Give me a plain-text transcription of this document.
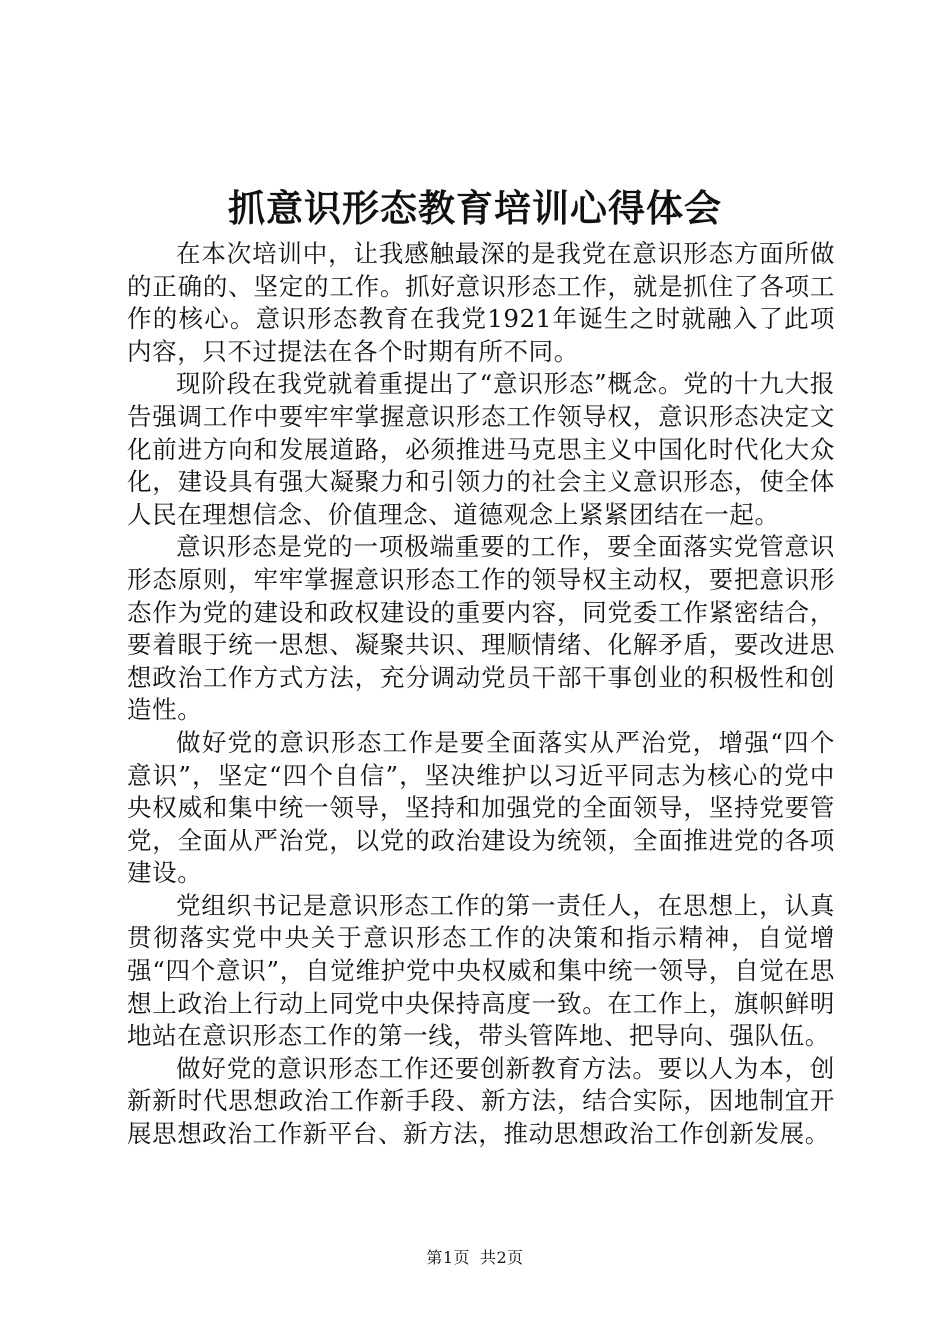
抓意识形态教育培训心得体会

在本次培训中，让我感触最深的是我党在意识形态方面所做的正确的、坚定的工作。抓好意识形态工作，就是抓住了各项工作的核心。意识形态教育在我党1921年诞生之时就融入了此项内容，只不过提法在各个时期有所不同。

现阶段在我党就着重提出了“意识形态”概念。党的十九大报告强调工作中要牢牢掌握意识形态工作领导权，意识形态决定文化前进方向和发展道路，必须推进马克思主义中国化时代化大众化，建设具有强大凝聚力和引领力的社会主义意识形态，使全体人民在理想信念、价值理念、道德观念上紧紧团结在一起。

意识形态是党的一项极端重要的工作，要全面落实党管意识形态原则，牢牢掌握意识形态工作的领导权主动权，要把意识形态作为党的建设和政权建设的重要内容，同党委工作紧密结合，要着眼于统一思想、凝聚共识、理顺情绪、化解矛盾，要改进思想政治工作方式方法，充分调动党员干部干事创业的积极性和创造性。

做好党的意识形态工作是要全面落实从严治党，增强“四个意识”，坚定“四个自信”，坚决维护以习近平同志为核心的党中央权威和集中统一领导，坚持和加强党的全面领导，坚持党要管党，全面从严治党，以党的政治建设为统领，全面推进党的各项建设。

党组织书记是意识形态工作的第一责任人，在思想上，认真贯彻落实党中央关于意识形态工作的决策和指示精神，自觉增强“四个意识”，自觉维护党中央权威和集中统一领导，自觉在思想上政治上行动上同党中央保持高度一致。在工作上，旗帜鲜明地站在意识形态工作的第一线，带头管阵地、把导向、强队伍。

做好党的意识形态工作还要创新教育方法。要以人为本，创新新时代思想政治工作新手段、新方法，结合实际，因地制宜开展思想政治工作新平台、新方法，推动思想政治工作创新发展。

第1页 共2页
